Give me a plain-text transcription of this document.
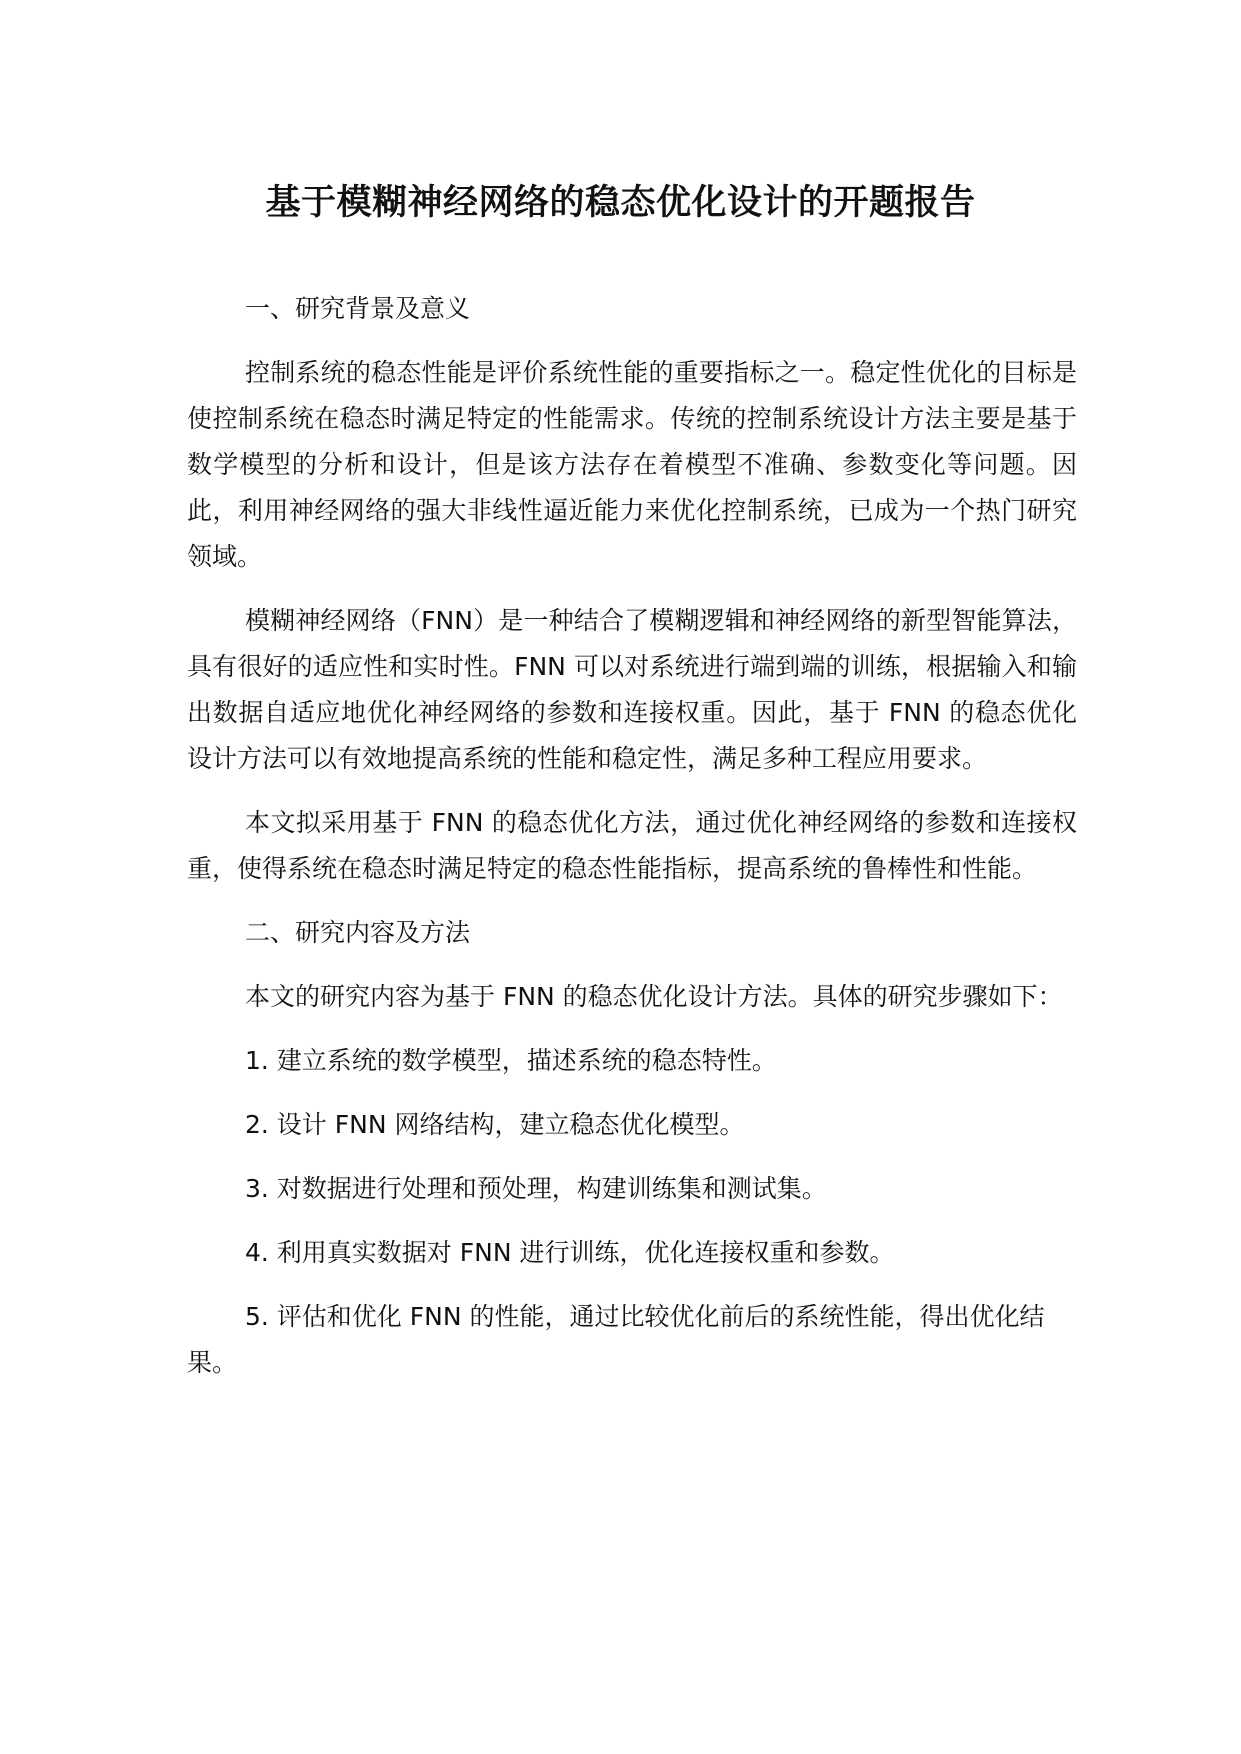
基于模糊神经网络的稳态优化设计的开题报告

一、研究背景及意义

控制系统的稳态性能是评价系统性能的重要指标之一。稳定性优化的目标是使控制系统在稳态时满足特定的性能需求。传统的控制系统设计方法主要是基于数学模型的分析和设计，但是该方法存在着模型不准确、参数变化等问题。因此，利用神经网络的强大非线性逼近能力来优化控制系统，已成为一个热门研究领域。

模糊神经网络（FNN）是一种结合了模糊逻辑和神经网络的新型智能算法，具有很好的适应性和实时性。FNN 可以对系统进行端到端的训练，根据输入和输出数据自适应地优化神经网络的参数和连接权重。因此，基于 FNN 的稳态优化设计方法可以有效地提高系统的性能和稳定性，满足多种工程应用要求。

本文拟采用基于 FNN 的稳态优化方法，通过优化神经网络的参数和连接权重，使得系统在稳态时满足特定的稳态性能指标，提高系统的鲁棒性和性能。

二、研究内容及方法

本文的研究内容为基于 FNN 的稳态优化设计方法。具体的研究步骤如下：

1. 建立系统的数学模型，描述系统的稳态特性。

2. 设计 FNN 网络结构，建立稳态优化模型。

3. 对数据进行处理和预处理，构建训练集和测试集。

4. 利用真实数据对 FNN 进行训练，优化连接权重和参数。

5. 评估和优化 FNN 的性能，通过比较优化前后的系统性能，得出优化结果。
